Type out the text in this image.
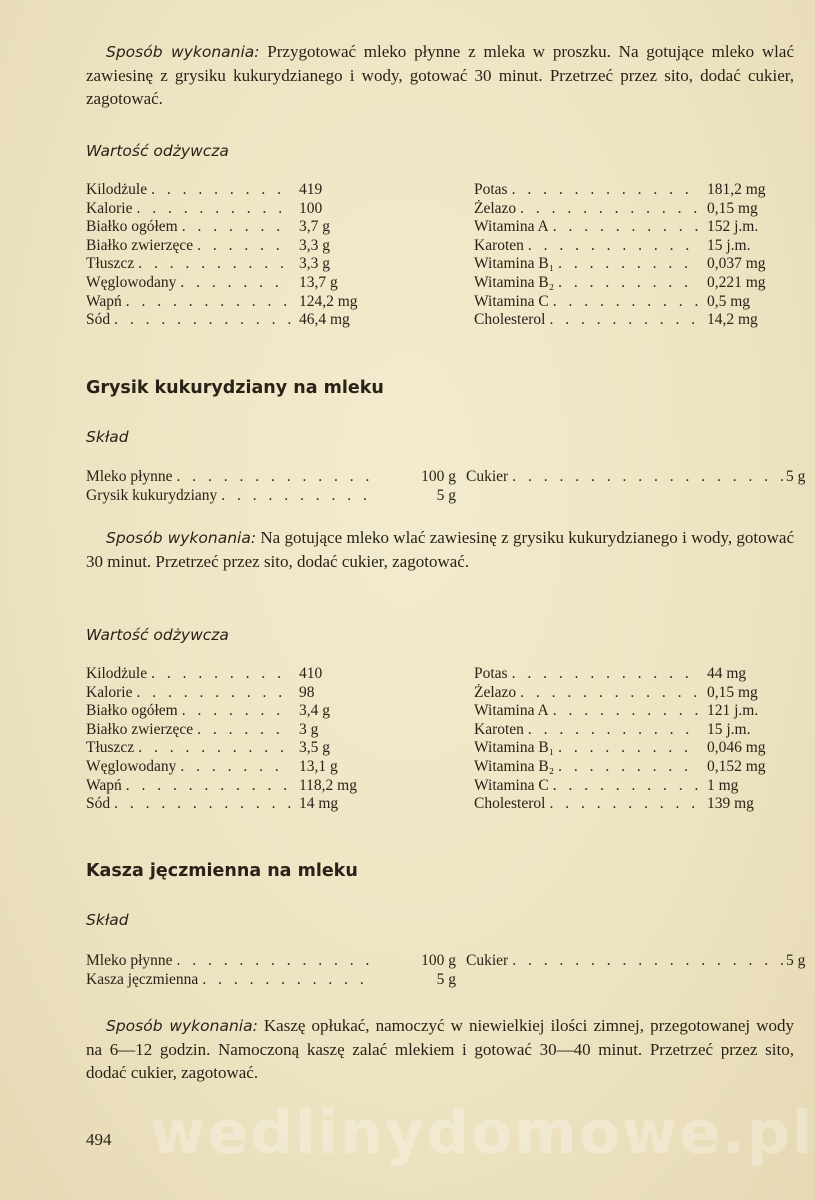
Sposób wykonania: Przygotować mleko płynne z mleka w proszku. Na gotujące mleko wlać zawiesinę z grysiku kukurydzianego i wody, gotować 30 minut. Przetrzeć przez sito, dodać cukier, zagotować.
Wartość odżywcza
Kilodżule . . .	419	Potas . . .	181,2 mg
Kalorie . . .	100	Żelazo . . .	0,15 mg
Białko ogółem . . .	3,7 g	Witamina A . . .	152 j.m.
Białko zwierzęce . . .	3,3 g	Karoten . . .	15 j.m.
Tłuszcz . . .	3,3 g	Witamina B₁ . . .	0,037 mg
Węglowodany . . .	13,7 g	Witamina B₂ . . .	0,221 mg
Wapń . . .	124,2 mg	Witamina C . . .	0,5 mg
Sód . . .	46,4 mg	Cholesterol . . .	14,2 mg
Grysik kukurydziany na mleku
Skład
Mleko płynne . . .	100 g Cukier . . .	5 g
Grysik kukurydziany . . .	5 g
Sposób wykonania: Na gotujące mleko wlać zawiesinę z grysiku kukurydzianego i wody, gotować 30 minut. Przetrzeć przez sito, dodać cukier, zagotować.
Wartość odżywcza
Kilodżule . . .	410	Potas . . .	44 mg
Kalorie . . .	98	Żelazo . . .	0,15 mg
Białko ogółem . . .	3,4 g	Witamina A . . .	121 j.m.
Białko zwierzęce . . .	3 g	Karoten . . .	15 j.m.
Tłuszcz . . .	3,5 g	Witamina B₁ . . .	0,046 mg
Węglowodany . . .	13,1 g	Witamina B₂ . . .	0,152 mg
Wapń . . .	118,2 mg	Witamina C . . .	1 mg
Sód . . .	14 mg	Cholesterol . . .	139 mg
Kasza jęczmienna na mleku
Skład
Mleko płynne . . .	100 g Cukier . . .	5 g
Kasza jęczmienna . . .	5 g
Sposób wykonania: Kaszę opłukać, namoczyć w niewielkiej ilości zimnej, przegotowanej wody na 6—12 godzin. Namoczoną kaszę zalać mlekiem i gotować 30—40 minut. Przetrzeć przez sito, dodać cukier, zagotować.
wedlinydomowe.pl
494
